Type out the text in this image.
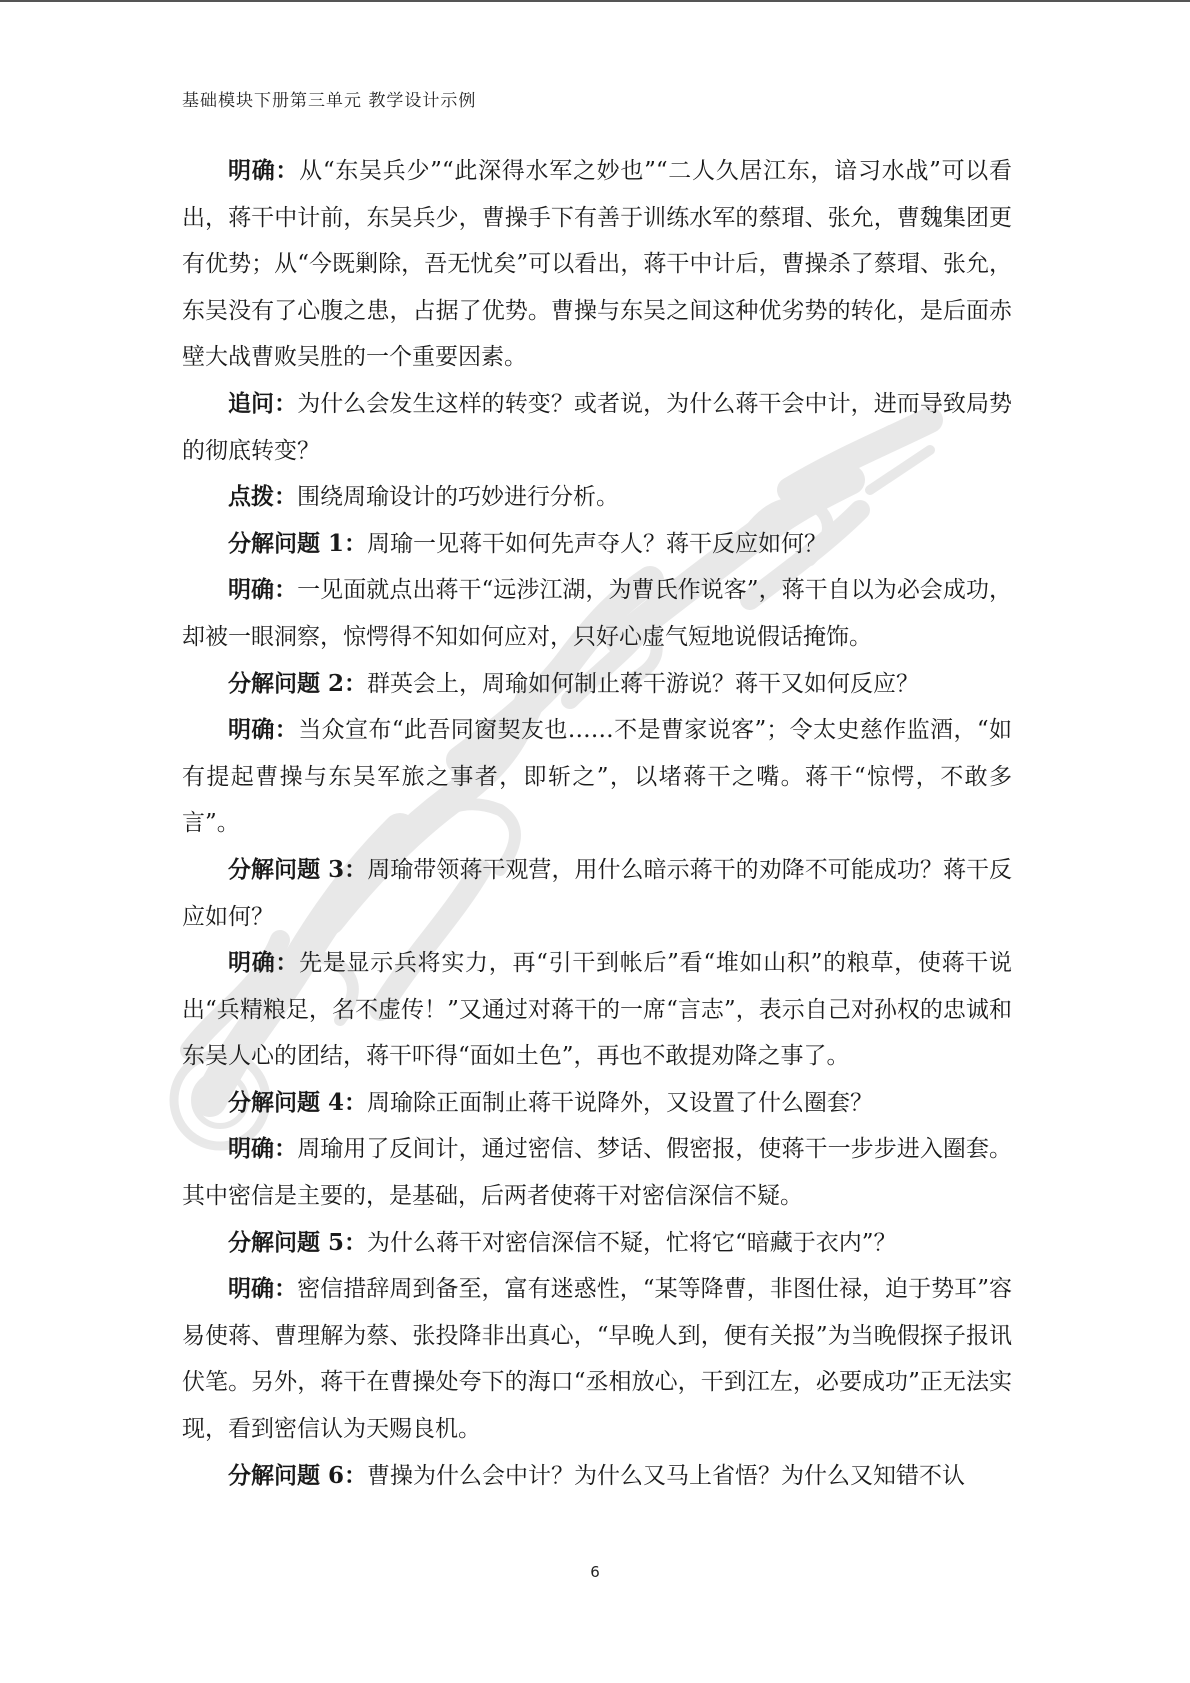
基础模块下册第三单元 教学设计示例

明确：从“东吴兵少”“此深得水军之妙也”“二人久居江东，谙习水战”可以看出，蒋干中计前，东吴兵少，曹操手下有善于训练水军的蔡瑁、张允，曹魏集团更有优势；从“今既剿除，吾无忧矣”可以看出，蒋干中计后，曹操杀了蔡瑁、张允，东吴没有了心腹之患，占据了优势。曹操与东吴之间这种优劣势的转化，是后面赤壁大战曹败吴胜的一个重要因素。

追问：为什么会发生这样的转变？或者说，为什么蒋干会中计，进而导致局势的彻底转变？

点拨：围绕周瑜设计的巧妙进行分析。

分解问题 1：周瑜一见蒋干如何先声夺人？蒋干反应如何？

明确：一见面就点出蒋干“远涉江湖，为曹氏作说客”，蒋干自以为必会成功，却被一眼洞察，惊愕得不知如何应对，只好心虚气短地说假话掩饰。

分解问题 2：群英会上，周瑜如何制止蒋干游说？蒋干又如何反应？

明确：当众宣布“此吾同窗契友也……不是曹家说客”；令太史慈作监酒，“如有提起曹操与东吴军旅之事者，即斩之”，以堵蒋干之嘴。蒋干“惊愕，不敢多言”。

分解问题 3：周瑜带领蒋干观营，用什么暗示蒋干的劝降不可能成功？蒋干反应如何？

明确：先是显示兵将实力，再“引干到帐后”看“堆如山积”的粮草，使蒋干说出“兵精粮足，名不虚传！”又通过对蒋干的一席“言志”，表示自己对孙权的忠诚和东吴人心的团结，蒋干吓得“面如土色”，再也不敢提劝降之事了。

分解问题 4：周瑜除正面制止蒋干说降外，又设置了什么圈套？

明确：周瑜用了反间计，通过密信、梦话、假密报，使蒋干一步步进入圈套。其中密信是主要的，是基础，后两者使蒋干对密信深信不疑。

分解问题 5：为什么蒋干对密信深信不疑，忙将它“暗藏于衣内”？

明确：密信措辞周到备至，富有迷惑性，“某等降曹，非图仕禄，迫于势耳”容易使蒋、曹理解为蔡、张投降非出真心，“早晚人到，便有关报”为当晚假探子报讯伏笔。另外，蒋干在曹操处夸下的海口“丞相放心，干到江左，必要成功”正无法实现，看到密信认为天赐良机。

分解问题 6：曹操为什么会中计？为什么又马上省悟？为什么又知错不认

6
